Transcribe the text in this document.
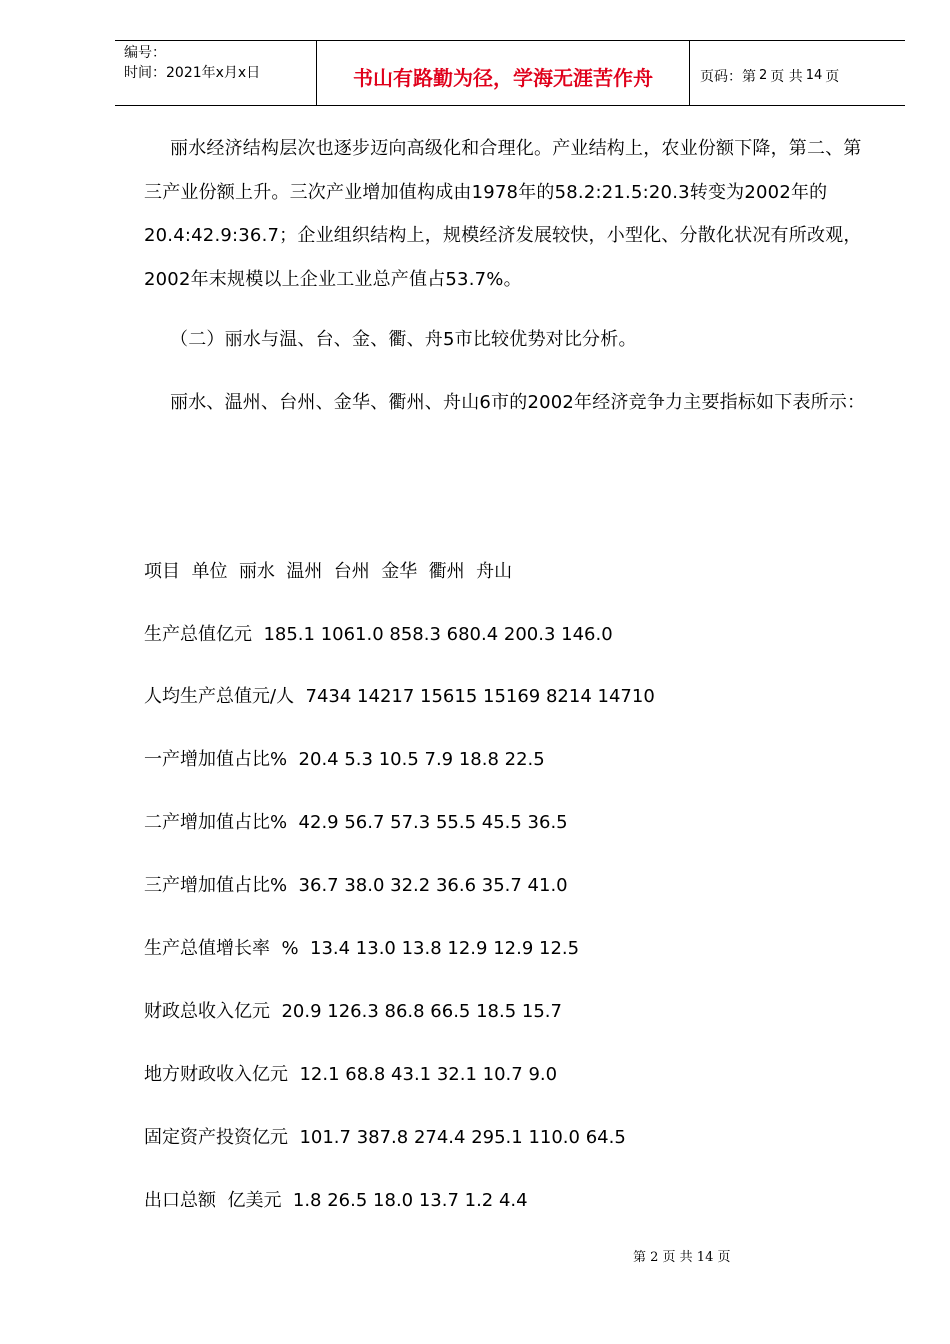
编号：
时间：2021年x月x日	书山有路勤为径，学海无涯苦作舟	页码：第 2 页 共 14 页
丽水经济结构层次也逐步迈向高级化和合理化。产业结构上，农业份额下降，第二、第三产业份额上升。三次产业增加值构成由1978年的58.2:21.5:20.3转变为2002年的20.4:42.9:36.7；企业组织结构上，规模经济发展较快，小型化、分散化状况有所改观，2002年末规模以上企业工业总产值占53.7%。
（二）丽水与温、台、金、衢、舟5市比较优势对比分析。
丽水、温州、台州、金华、衢州、舟山6市的2002年经济竞争力主要指标如下表所示：
项目  单位  丽水  温州  台州  金华  衢州  舟山
生产总值亿元  185.1 1061.0 858.3 680.4 200.3 146.0
人均生产总值元/人  7434 14217 15615 15169 8214 14710
一产增加值占比%  20.4 5.3 10.5 7.9 18.8 22.5
二产增加值占比%  42.9 56.7 57.3 55.5 45.5 36.5
三产增加值占比%  36.7 38.0 32.2 36.6 35.7 41.0
生产总值增长率  %  13.4 13.0 13.8 12.9 12.9 12.5
财政总收入亿元  20.9 126.3 86.8 66.5 18.5 15.7
地方财政收入亿元  12.1 68.8 43.1 32.1 10.7 9.0
固定资产投资亿元  101.7 387.8 274.4 295.1 110.0 64.5
出口总额  亿美元  1.8 26.5 18.0 13.7 1.2 4.4
第 2 页 共 14 页
